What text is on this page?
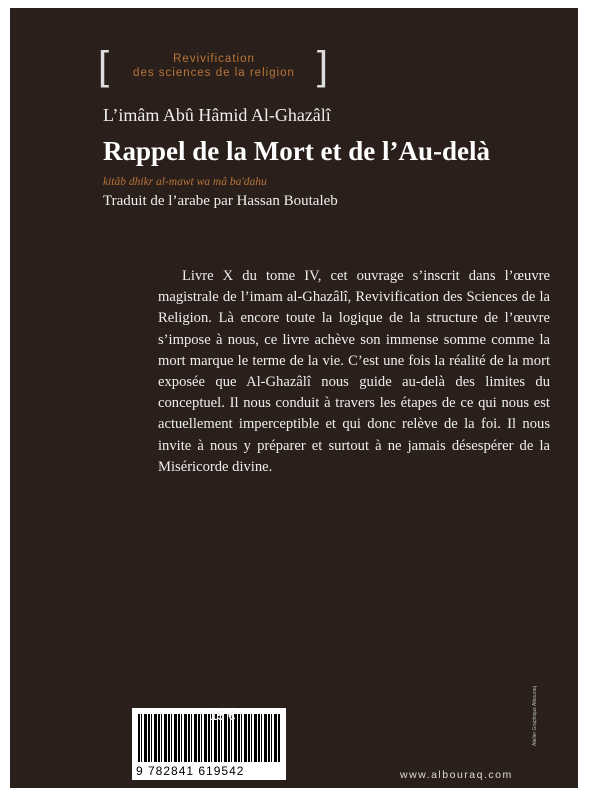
[	Revivification
des sciences de la religion ]
L’imâm Abû Hâmid Al-Ghazâlî
Rappel de la Mort et de l’Au-delà
kitâb dhikr al-mawt wa mâ ba'dahu
Traduit de l’arabe par Hassan Boutaleb
Livre X du tome IV, cet ouvrage s’inscrit dans l’œuvre magistrale de l’imam al-Ghazâlî, Revivification des Sciences de la Religion. Là encore toute la logique de la structure de l’œuvre s’impose à nous, ce livre achève son immense somme comme la mort marque le terme de la vie. C’est une fois la réalité de la mort exposée que Al-Ghazâlî nous guide au-delà des limites du conceptuel. Il nous conduit à travers les étapes de ce qui nous est actuellement imperceptible et qui donc relève de la foi. Il nous invite à nous y préparer et surtout à ne jamais désespérer de la Miséricorde divine.
9 782841 619542
15 €
www.albouraq.com
Atelier Graphique Albouraq
